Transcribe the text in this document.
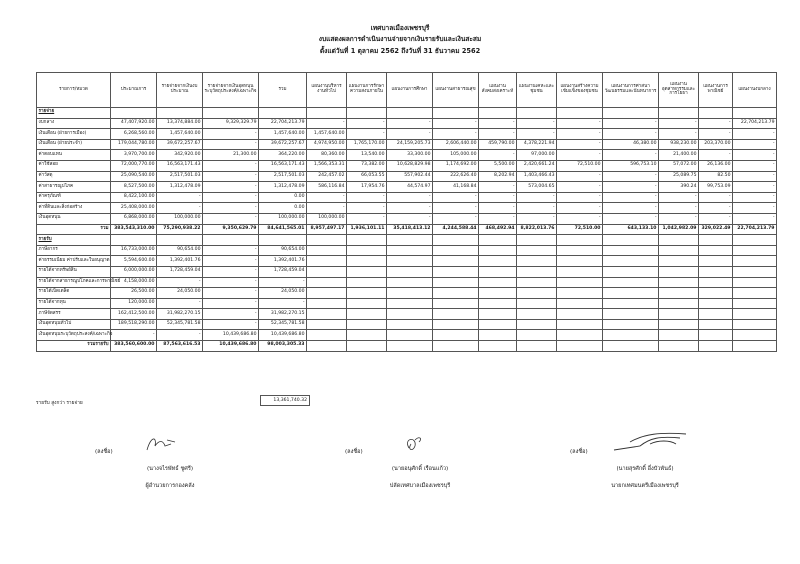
เทศบาลเมืองเพชรบุรี
งบแสดงผลการดำเนินงานจ่ายจากเงินรายรับและเงินสะสม
ตั้งแต่วันที่ 1 ตุลาคม 2562 ถึงวันที่ 31 ธันวาคม 2562
รายการ/หมวด	ประมาณการ	รายจ่ายจากเงินงบประมาณ	รายจ่ายจากเงินอุดหนุนระบุวัตถุประสงค์/เฉพาะกิจ	รวม	แผนงานบริหารงานทั่วไป	แผนงานการรักษาความสงบภายใน	แผนงานการศึกษา	แผนงานสาธารณสุข	แผนงานสังคมสงเคราะห์	แผนงานเคหะและชุมชน	แผนงานสร้างความเข้มแข็งของชุมชน	แผนงานการศาสนาวัฒนธรรมและนันทนาการ	แผนงานอุตสาหกรรมและการโยธา	แผนงานการพาณิชย์	แผนงานงบกลาง
รายจ่าย															
งบกลาง	47,407,920.00	13,374,884.00	9,329,329.79	22,704,213.79	-	-	-	-	-	-	-	-	-	-	22,704,213.79
เงินเดือน (ฝ่ายการเมือง)	6,268,560.00	1,457,640.00	-	1,457,640.00	1,457,640.00	-	-	-	-	-	-	-	-	-	-
เงินเดือน (ฝ่ายประจำ)	179,044,780.00	39,672,257.67	-	39,672,257.67	4,974,950.00	1,765,170.00	24,159,205.73	2,606,440.00	459,790.00	4,378,221.94	-	46,380.00	938,230.00	203,370.00	-
ค่าตอบแทน	3,970,700.00	342,920.00	21,300.00	364,220.00	80,360.00	13,540.00	33,300.00	105,000.00	-	97,000.00	-	-	21,400.00	-	-
ค่าใช้สอย	72,000,770.00	16,563,171.43	-	16,563,171.43	1,566,353.31	73,382.00	10,628,829.98	1,174,692.00	5,500.00	2,420,661.24	72,510.00	596,753.10	57,072.00	26,136.00	-
ค่าวัสดุ	25,090,540.00	2,517,501.03	-	2,517,501.03	242,457.02	66,053.55	557,902.44	222,626.40	8,202.94	1,403,466.43	-	-	25,089.75	82.50	-
ค่าสาธารณูปโภค	8,527,500.00	1,312,478.09	-	1,312,478.09	586,116.84	17,954.76	44,574.97	41,168.84	-	573,004.65	-	-	390.24	99,753.09	-
ค่าครุภัณฑ์	8,422,100.00	-	-	0.00	-	-	-	-	-	-	-	-	-	-	-
ค่าที่ดินและสิ่งก่อสร้าง	25,408,000.00	-	-	0.00	-	-	-	-	-	-	-	-	-	-	-
เงินอุดหนุน	6,868,000.00	100,000.00	-	100,000.00	100,000.00	-	-	-	-	-	-	-	-	-	-
รวม	383,543,310.00	75,290,938.22	9,350,629.79	84,641,565.01	8,957,497.17	1,936,101.11	35,418,413.12	4,244,588.44	468,492.94	8,822,013.76	72,510.00	643,133.10	1,042,982.09	329,022.49	22,704,213.79
รายรับ															
ภาษีอากร	16,733,000.00	90,654.00	-	90,654.00											
ค่าธรรมเนียม ค่าปรับและใบอนุญาต	5,594,600.00	1,392,401.76	-	1,392,401.76											
รายได้จากทรัพย์สิน	6,000,000.00	1,728,459.04	-	1,728,459.04											
รายได้จากสาธารณูปโภคและการพาณิชย์	4,158,000.00	-	-	-											
รายได้เบ็ดเตล็ด	26,500.00	24,050.00	-	24,050.00											
รายได้จากทุน	120,000.00	-	-	-											
ภาษีจัดสรร	162,412,500.00	31,982,270.15	-	31,982,270.15											
เงินอุดหนุนทั่วไป	189,518,290.00	52,345,781.58	-	52,345,781.58											
เงินอุดหนุนระบุวัตถุประสงค์/เฉพาะกิจ	-	-	10,439,686.80	10,439,686.80											
รวมรายรับ	383,560,600.00	87,563,616.53	10,439,686.80	98,003,305.33											
รายรับ สูงกว่า รายจ่าย
13,361,740.32
(ลงชื่อ)
(นางจไรพัทธ์ ชูศรี)
ผู้อำนวยการกองคลัง
(ลงชื่อ)
(นายอนุศักดิ์ เรือนแก้ว)
ปลัดเทศบาลเมืองเพชรบุรี
(ลงชื่อ)
(นายสุรศักดิ์ อึ่งบัวพันธ์)
นายกเทศมนตรีเมืองเพชรบุรี
